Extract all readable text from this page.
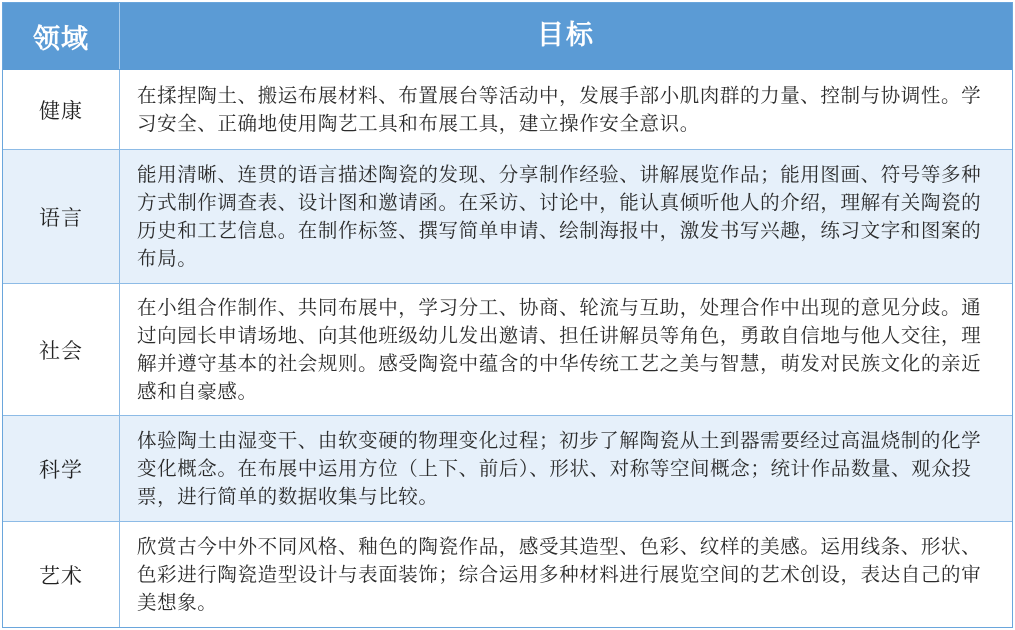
领域	目标
健康
在揉捏陶土、搬运布展材料、布置展台等活动中，发展手部小肌肉群的力量、控制与协调性。学习安全、正确地使用陶艺工具和布展工具，建立操作安全意识。
语言
能用清晰、连贯的语言描述陶瓷的发现、分享制作经验、讲解展览作品；能用图画、符号等多种方式制作调查表、设计图和邀请函。在采访、讨论中，能认真倾听他人的介绍，理解有关陶瓷的历史和工艺信息。在制作标签、撰写简单申请、绘制海报中，激发书写兴趣，练习文字和图案的布局。
社会
在小组合作制作、共同布展中，学习分工、协商、轮流与互助，处理合作中出现的意见分歧。通过向园长申请场地、向其他班级幼儿发出邀请、担任讲解员等角色，勇敢自信地与他人交往，理解并遵守基本的社会规则。感受陶瓷中蕴含的中华传统工艺之美与智慧，萌发对民族文化的亲近感和自豪感。
科学
体验陶土由湿变干、由软变硬的物理变化过程；初步了解陶瓷从土到器需要经过高温烧制的化学变化概念。在布展中运用方位（上下、前后）、形状、对称等空间概念；统计作品数量、观众投票，进行简单的数据收集与比较。
艺术
欣赏古今中外不同风格、釉色的陶瓷作品，感受其造型、色彩、纹样的美感。运用线条、形状、色彩进行陶瓷造型设计与表面装饰；综合运用多种材料进行展览空间的艺术创设，表达自己的审美想象。
